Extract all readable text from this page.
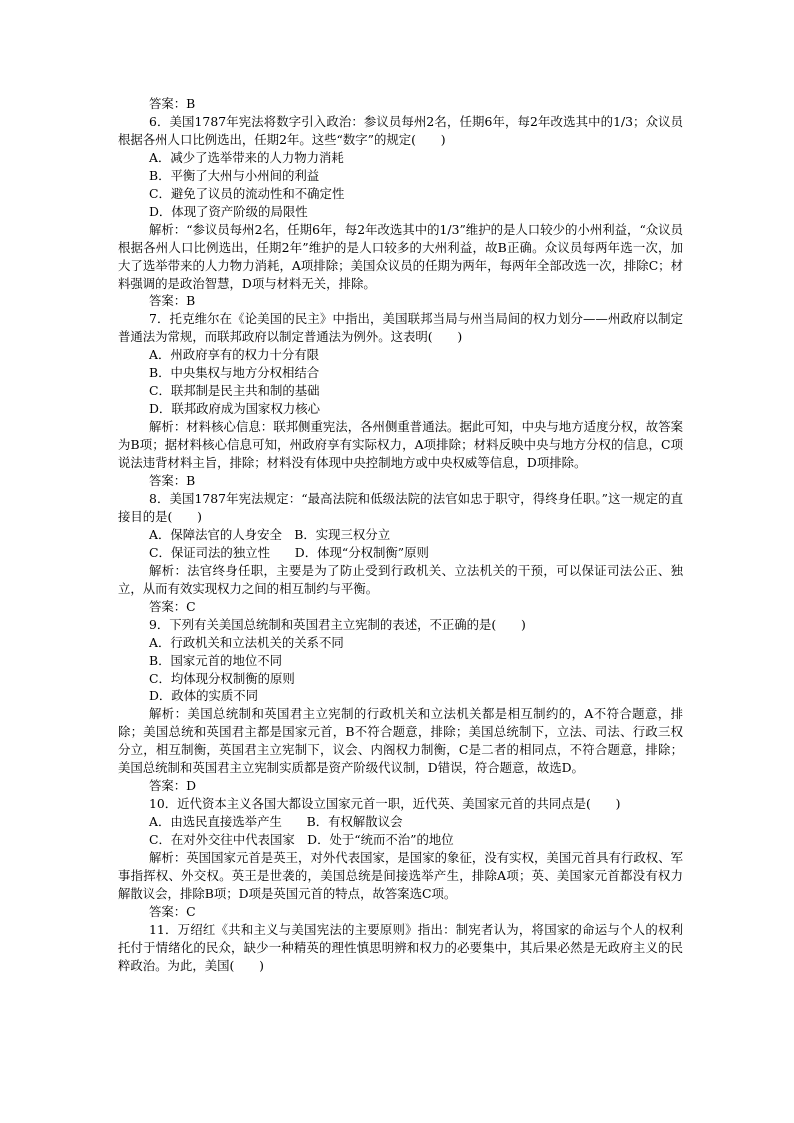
答案：B

6．美国1787年宪法将数字引入政治：参议员每州2名，任期6年，每2年改选其中的1/3；众议员根据各州人口比例选出，任期2年。这些“数字”的规定(　　)

A．减少了选举带来的人力物力消耗

B．平衡了大州与小州间的利益

C．避免了议员的流动性和不确定性

D．体现了资产阶级的局限性

解析：“参议员每州2名，任期6年，每2年改选其中的1/3”维护的是人口较少的小州利益，“众议员根据各州人口比例选出，任期2年”维护的是人口较多的大州利益，故B正确。众议员每两年选一次，加大了选举带来的人力物力消耗，A项排除；美国众议员的任期为两年，每两年全部改选一次，排除C；材料强调的是政治智慧，D项与材料无关，排除。

答案：B

7．托克维尔在《论美国的民主》中指出，美国联邦当局与州当局间的权力划分——州政府以制定普通法为常规，而联邦政府以制定普通法为例外。这表明(　　)

A．州政府享有的权力十分有限

B．中央集权与地方分权相结合

C．联邦制是民主共和制的基础

D．联邦政府成为国家权力核心

解析：材料核心信息：联邦侧重宪法，各州侧重普通法。据此可知，中央与地方适度分权，故答案为B项；据材料核心信息可知，州政府享有实际权力，A项排除；材料反映中央与地方分权的信息，C项说法违背材料主旨，排除；材料没有体现中央控制地方或中央权威等信息，D项排除。

答案：B

8．美国1787年宪法规定：“最高法院和低级法院的法官如忠于职守，得终身任职。”这一规定的直接目的是(　　)

A．保障法官的人身安全　B．实现三权分立

C．保证司法的独立性　　D．体现“分权制衡”原则

解析：法官终身任职，主要是为了防止受到行政机关、立法机关的干预，可以保证司法公正、独立，从而有效实现权力之间的相互制约与平衡。

答案：C

9．下列有关美国总统制和英国君主立宪制的表述，不正确的是(　　)

A．行政机关和立法机关的关系不同

B．国家元首的地位不同

C．均体现分权制衡的原则

D．政体的实质不同

解析：美国总统制和英国君主立宪制的行政机关和立法机关都是相互制约的，A不符合题意，排除；美国总统和英国君主都是国家元首，B不符合题意，排除；美国总统制下，立法、司法、行政三权分立，相互制衡，英国君主立宪制下，议会、内阁权力制衡，C是二者的相同点，不符合题意，排除；美国总统制和英国君主立宪制实质都是资产阶级代议制，D错误，符合题意，故选D。

答案：D

10．近代资本主义各国大都设立国家元首一职，近代英、美国家元首的共同点是(　　)

A．由选民直接选举产生　　B．有权解散议会

C．在对外交往中代表国家　D．处于“统而不治”的地位

解析：英国国家元首是英王，对外代表国家，是国家的象征，没有实权，美国元首具有行政权、军事指挥权、外交权。英王是世袭的，美国总统是间接选举产生，排除A项；英、美国家元首都没有权力解散议会，排除B项；D项是英国元首的特点，故答案选C项。

答案：C

11．万绍红《共和主义与美国宪法的主要原则》指出：制宪者认为，将国家的命运与个人的权利托付于情绪化的民众，缺少一种精英的理性慎思明辨和权力的必要集中，其后果必然是无政府主义的民粹政治。为此，美国(　　)
